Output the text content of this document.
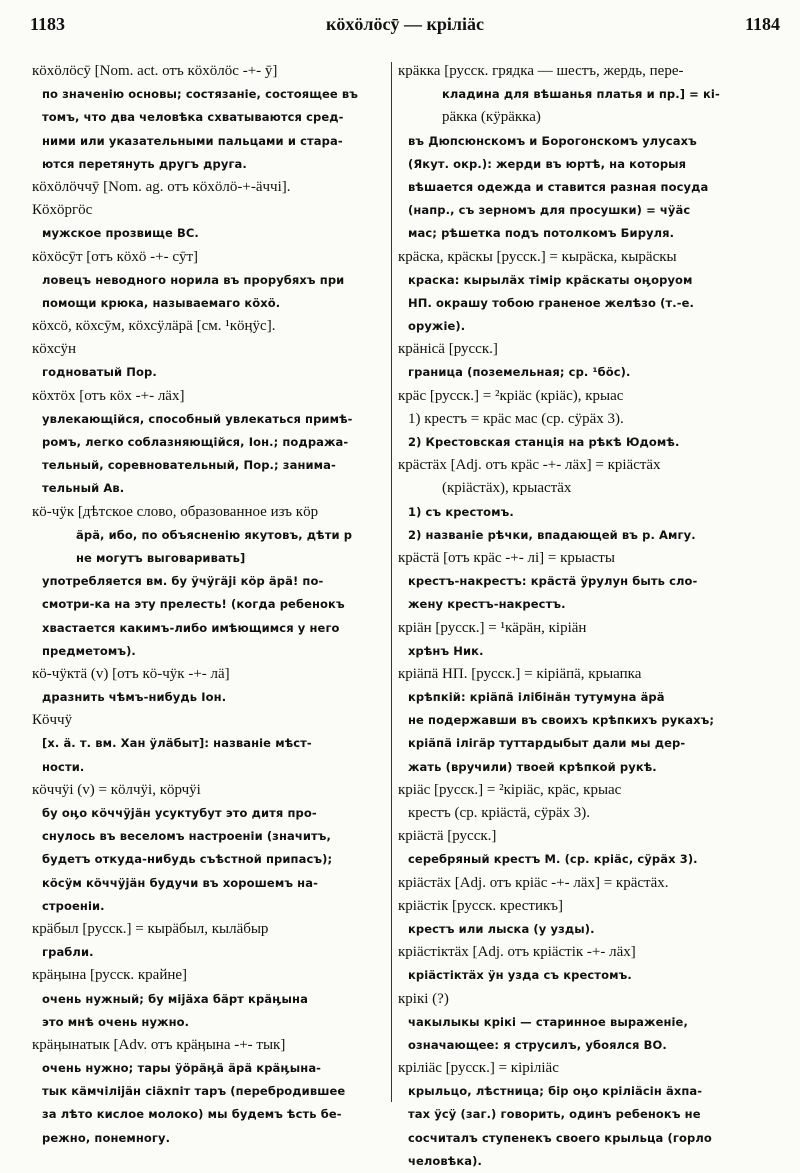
1183	кӧхӧлӧсӯ — кріліӓс	1184
кӧхӧлӧсӯ [Nom. act. отъ кӧхӧлӧс -+- ӯ]
по значенію основы; состязаніе, состоящее въ
томъ, что два человѣка схватываются сред-
ними или указательными пальцами и стара-
ются перетянуть другъ друга.
кӧхӧлӧччӯ [Nom. ag. отъ кӧхӧлӧ-+-ӓччі].
Кӧхӧргӧс
мужское прозвище ВС.
кӧхӧсӯт [отъ кӧхӧ -+- сӯт]
ловецъ неводного норила въ прорубяхъ при
помощи крюка, называемаго кӧхӧ.
кӧхсӧ, кӧхсӯм, кӧхсӱлӓрӓ [см. ¹кӧӊӱс].
кӧхсӱн
годноватый Пор.
кӧхтӧх [отъ кӧх -+- лӓх]
увлекающійся, способный увлекаться примѣ-
ромъ, легко соблазняющійся, Іон.; подража-
тельный, соревновательный, Пор.; занима-
тельный Ав.
кӧ-чӱк [дѣтское слово, образованное изъ кӧр
ӓрӓ, ибо, по объясненію якутовъ, дѣти р
не могутъ выговаривать]
употребляется вм. бу ӱчӱгӓjі кӧр ӓрӓ! по-
смотри-ка на эту прелесть! (когда ребенокъ
хвастается какимъ-либо имѣющимся у него
предметомъ).
кӧ-чӱктӓ (v) [отъ кӧ-чӱк -+- лӓ]
дразнить чѣмъ-нибудь Іон.
Кӧччӱ
[х. ӓ. т. вм. Хан ӱлӓбыт]: названіе мѣст-
ности.
кӧччӱі (v) = кӧлчӱі, кӧрчӱі
бу оӊо кӧччӱjӓн усуктубут это дитя про-
снулось въ веселомъ настроеніи (значитъ,
будетъ откуда-нибудь съѣстной припасъ);
кӧсӱм кӧччӱjӓн будучи въ хорошемъ на-
строеніи.
крӓбыл [русск.] = кырӓбыл, кылӓбыр
грабли.
крӓӊына [русск. крайне]
очень нужный; бу міjӓха бӓрт крӓӊына
это мнѣ очень нужно.
крӓӊынатык [Adv. отъ крӓӊына -+- тык]
очень нужно; тары ӱӧрӓӊӓ ӓрӓ крӓӊына-
тык кӓмчіліjӓн сіӓхпіт таръ (перебродившее
за лѣто кислое молоко) мы будемъ ѣсть бе-
режно, понемногу.
крӓкка [русск. грядка — шестъ, жердь, пере-
кладина для вѣшанья платья и пр.] = кі-
рӓкка (кӱрӓкка)
въ Дюпсюнскомъ и Борогонскомъ улусахъ
(Якут. окр.): жерди въ юртѣ, на которыя
вѣшается одежда и ставится разная посуда
(напр., съ зерномъ для просушки) = чӱӓс
мас; рѣшетка подъ потолкомъ Бируля.
крӓска, крӓскы [русск.] = кырӓска, кырӓскы
краска: кырылӓх тімір крӓскаты оӊоруом
НП. окрашу тобою граненое желѣзо (т.-е.
оружіе).
крӓнісӓ [русск.]
граница (поземельная; ср. ¹бӧс).
крӓс [русск.] = ²кріӓс (кріӓс), крыас
1) крестъ = крӓс мас (ср. сӱрӓх 3).
2) Крестовская станція на рѣкѣ Юдомѣ.
крӓстӓх [Adj. отъ крӓс -+- лӓх] = кріӓстӓх
(кріӓстӓх), крыастӓх
1) съ крестомъ.
2) названіе рѣчки, впадающей въ р. Амгу.
крӓстӓ [отъ крӓс -+- лі] = крыасты
крестъ-накрестъ: крӓстӓ ӱрулун быть сло-
жену крестъ-накрестъ.
кріӓн [русск.] = ¹кӓрӓн, кіріӓн
хрѣнъ Ник.
кріӓпӓ НП. [русск.] = кіріӓпӓ, крыапка
крѣпкій: кріӓпӓ ілібінӓн тутумуна ӓрӓ
не подержавши въ своихъ крѣпкихъ рукахъ;
кріӓпӓ ілігӓр туттардыбыт дали мы дер-
жать (вручили) твоей крѣпкой рукѣ.
кріӓс [русск.] = ²кіріӓс, крӓс, крыас
крестъ (ср. кріӓстӓ, сӱрӓх 3).
кріӓстӓ [русск.]
серебряный крестъ М. (ср. кріӓс, сӱрӓх 3).
кріӓстӓх [Adj. отъ кріӓс -+- лӓх] = крӓстӓх.
кріӓстік [русск. крестикъ]
крестъ или лыска (у узды).
кріӓстіктӓх [Adj. отъ кріӓстік -+- лӓх]
кріӓстіктӓх ӱн узда съ крестомъ.
крікі (?)
чакылыкы крікі — старинное выраженіе,
означающее: я струсилъ, убоялся ВО.
кріліӓс [русск.] = кіріліӓс
крыльцо, лѣстница; бір оӊо кріліӓсін ӓхпа-
тах ӱсӱ (заг.) говорить, одинъ ребенокъ не
сосчиталъ ступенекъ своего крыльца (горло
человѣка).
